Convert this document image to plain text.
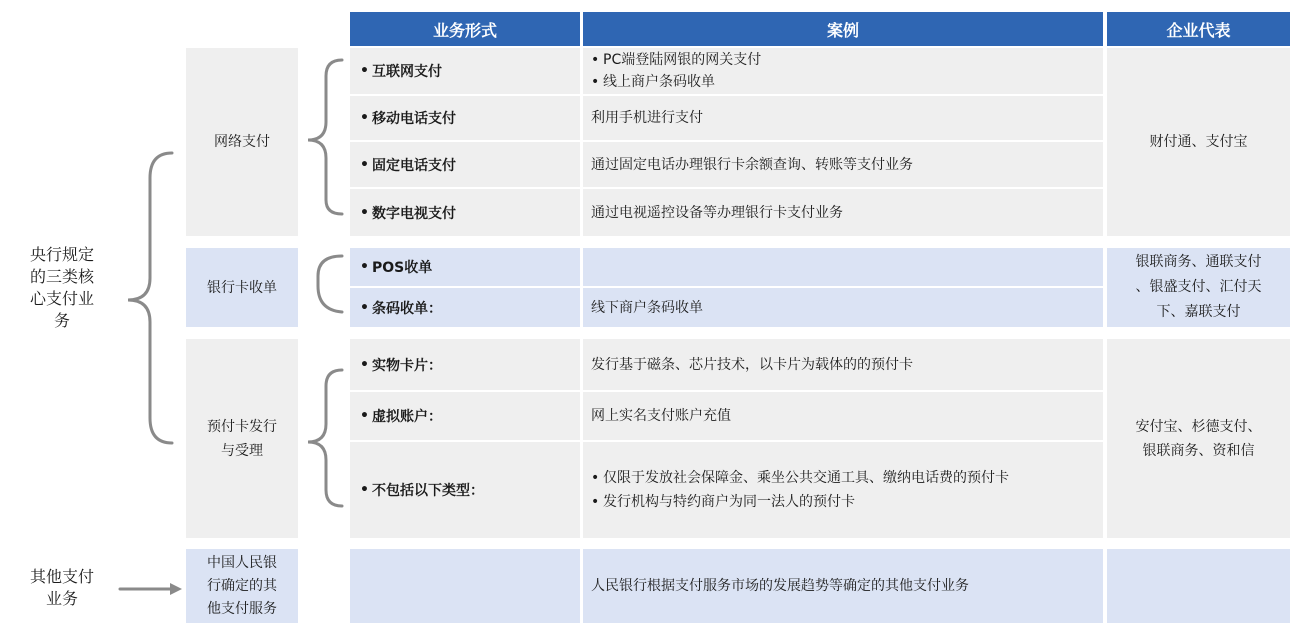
央行规定
的三类核
心支付业
务
其他支付
业务
业务形式	案例	企业代表
网络支付
银行卡收单
预付卡发行
与受理
中国人民银
行确定的其
他支付服务
• 互联网支付
• 移动电话支付
• 固定电话支付
• 数字电视支付
• POS收单
• 条码收单：
• 实物卡片：
• 虚拟账户：
• 不包括以下类型：
• PC端登陆网银的网关支付
• 线上商户条码收单
利用手机进行支付
通过固定电话办理银行卡余额查询、转账等支付业务
通过电视遥控设备等办理银行卡支付业务
线下商户条码收单
发行基于磁条、芯片技术，以卡片为载体的的预付卡
网上实名支付账户充值
• 仅限于发放社会保障金、乘坐公共交通工具、缴纳电话费的预付卡
• 发行机构与特约商户为同一法人的预付卡
人民银行根据支付服务市场的发展趋势等确定的其他支付业务
财付通、支付宝
银联商务、通联支付
、银盛支付、汇付天
下、嘉联支付
安付宝、杉德支付、
银联商务、资和信
